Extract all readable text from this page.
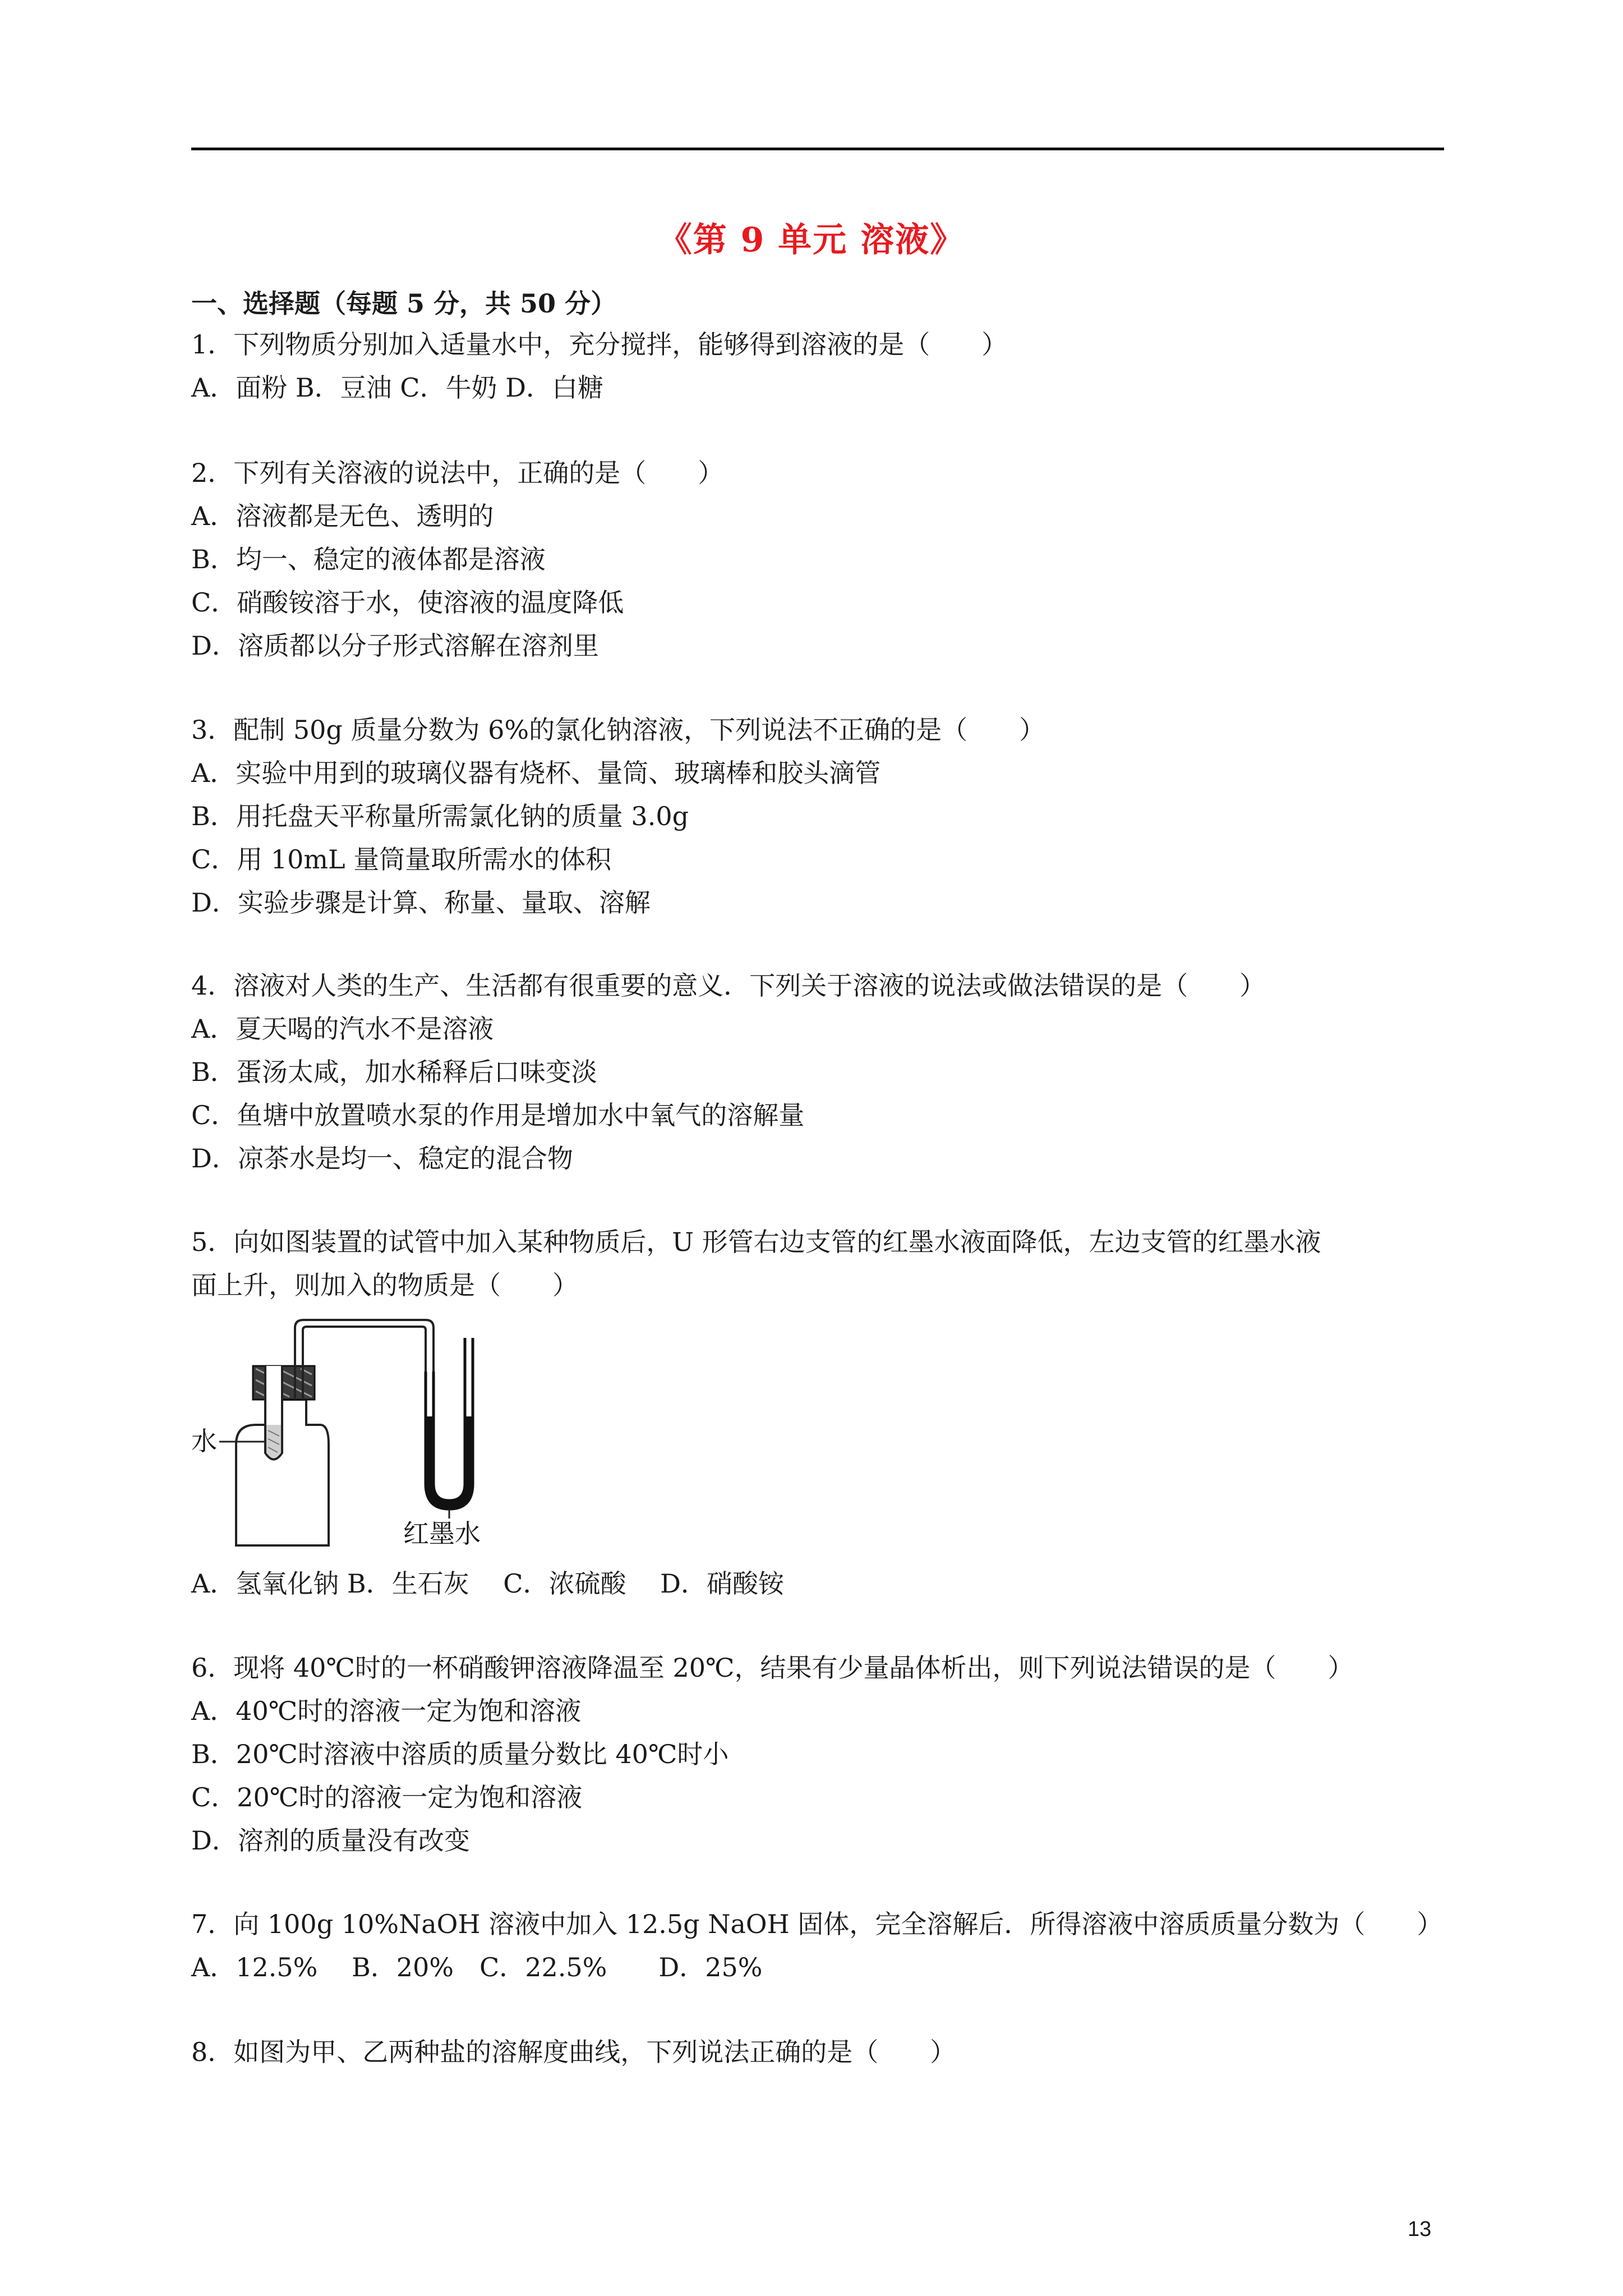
《第 9 单元 溶液》
一、选择题（每题 5 分，共 50 分）
1．下列物质分别加入适量水中，充分搅拌，能够得到溶液的是（　　）
A．面粉 B．豆油 C．牛奶 D．白糖
2．下列有关溶液的说法中，正确的是（　　）
A．溶液都是无色、透明的
B．均一、稳定的液体都是溶液
C．硝酸铵溶于水，使溶液的温度降低
D．溶质都以分子形式溶解在溶剂里
3．配制 50g 质量分数为 6%的氯化钠溶液，下列说法不正确的是（　　）
A．实验中用到的玻璃仪器有烧杯、量筒、玻璃棒和胶头滴管
B．用托盘天平称量所需氯化钠的质量 3.0g
C．用 10mL 量筒量取所需水的体积
D．实验步骤是计算、称量、量取、溶解
4．溶液对人类的生产、生活都有很重要的意义．下列关于溶液的说法或做法错误的是（　　）
A．夏天喝的汽水不是溶液
B．蛋汤太咸，加水稀释后口味变淡
C．鱼塘中放置喷水泵的作用是增加水中氧气的溶解量
D．凉茶水是均一、稳定的混合物
5．向如图装置的试管中加入某种物质后，U 形管右边支管的红墨水液面降低，左边支管的红墨水液
面上升，则加入的物质是（　　）
水
红墨水
A．氢氧化钠 B．生石灰　 C．浓硫酸　 D．硝酸铵
6．现将 40℃时的一杯硝酸钾溶液降温至 20℃，结果有少量晶体析出，则下列说法错误的是（　　）
A．40℃时的溶液一定为饱和溶液
B．20℃时溶液中溶质的质量分数比 40℃时小
C．20℃时的溶液一定为饱和溶液
D．溶剂的质量没有改变
7．向 100g 10%NaOH 溶液中加入 12.5g NaOH 固体，完全溶解后．所得溶液中溶质质量分数为（　　）
A．12.5%　 B．20%　C．22.5%　　D．25%
8．如图为甲、乙两种盐的溶解度曲线，下列说法正确的是（　　）
13
